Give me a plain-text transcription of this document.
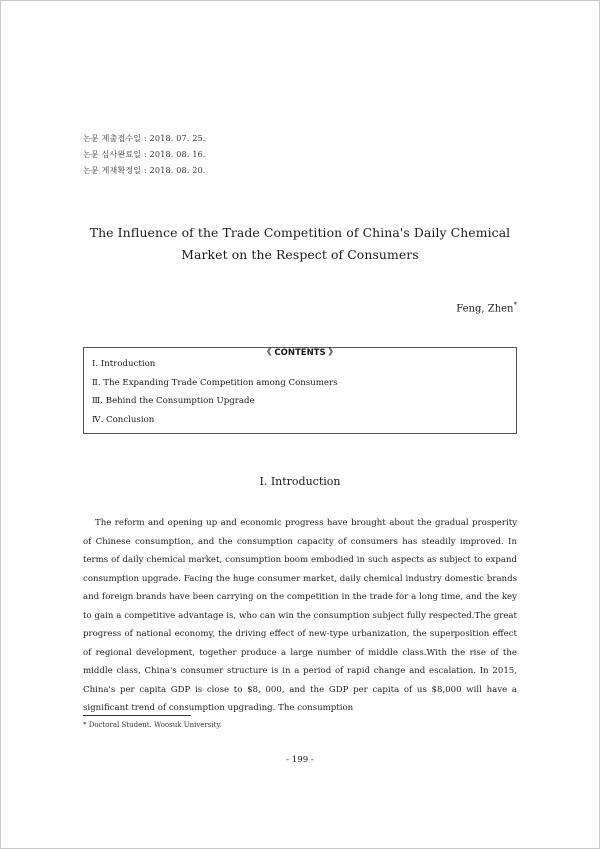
논문 제출접수일 : 2018. 07. 25.
논문 심사완료일 : 2018. 08. 16.
논문 게재확정일 : 2018. 08. 20.
The Influence of the Trade Competition of China's Daily Chemical
Market on the Respect of Consumers
Feng, Zhen*
《 CONTENTS 》
Ⅰ. Introduction
Ⅱ. The Expanding Trade Competition among Consumers
Ⅲ. Behind the Consumption Upgrade
Ⅳ. Conclusion
Ⅰ. Introduction

The reform and opening up and economic progress have brought about the gradual prosperity of Chinese consumption, and the consumption capacity of consumers has steadily improved. In terms of daily chemical market, consumption boom embodied in such aspects as subject to expand consumption upgrade. Facing the huge consumer market, daily chemical industry domestic brands and foreign brands have been carrying on the competition in the trade for a long time, and the key to gain a competitive advantage is, who can win the consumption subject fully respected.The great progress of national economy, the driving effect of new-type urbanization, the superposition effect of regional development, together produce a large number of middle class.With the rise of the middle class, China's consumer structure is in a period of rapid change and escalation. In 2015, China's per capita GDP is close to $8, 000, and the GDP per capita of us $8,000 will have a significant trend of consumption upgrading. The consumption

* Doctoral Student. Woosuk University.
- 199 -
